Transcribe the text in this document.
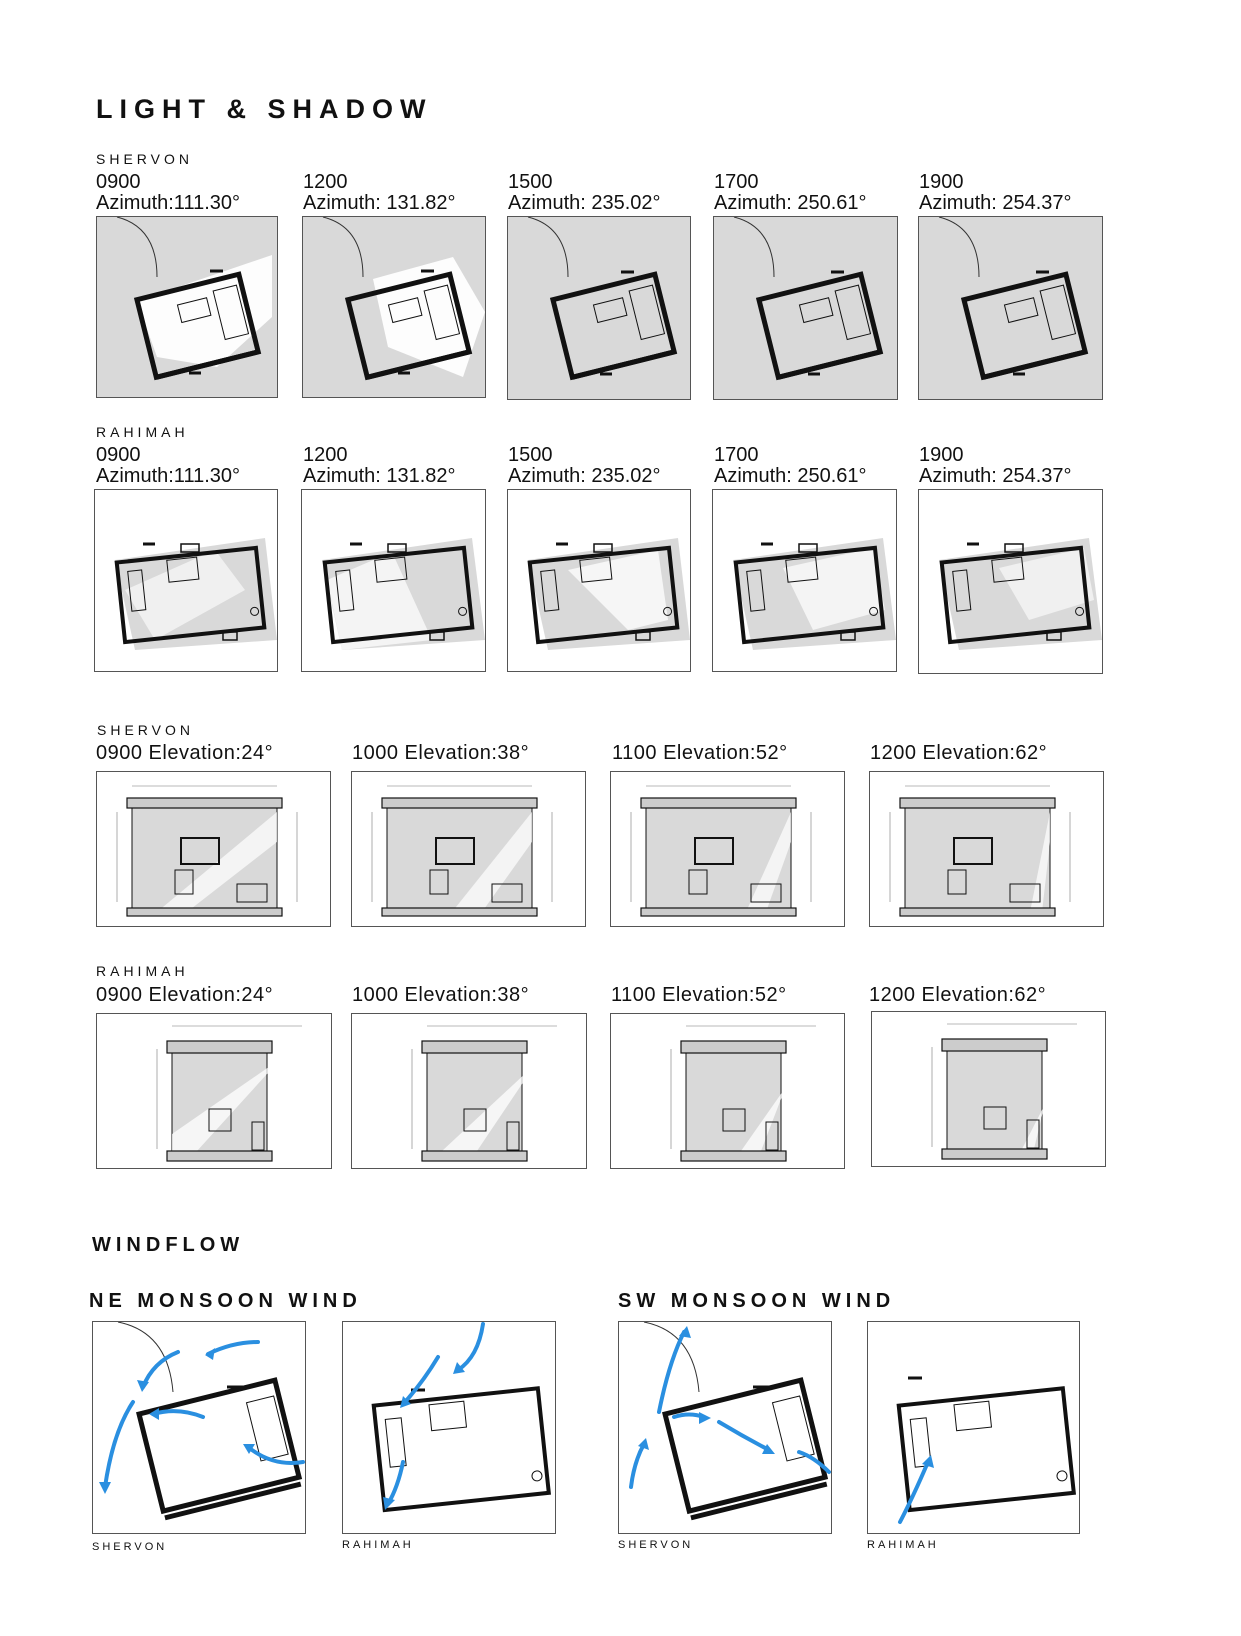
LIGHT & SHADOW
SHERVON
RAHIMAH
0900
Azimuth:111.30°
1200
Azimuth: 131.82°
1500
Azimuth: 235.02°
1700
Azimuth: 250.61°
1900
Azimuth: 254.37°
0900
Azimuth:111.30°
1200
Azimuth: 131.82°
1500
Azimuth: 235.02°
1700
Azimuth: 250.61°
1900
Azimuth: 254.37°
SHERVON
0900 Elevation:24°	1000 Elevation:38°	1100 Elevation:52°	1200 Elevation:62°
RAHIMAH
0900 Elevation:24°	1000 Elevation:38°	1100 Elevation:52°	1200 Elevation:62°
WINDFLOW
NE MONSOON WIND	SW MONSOON WIND
SHERVON	RAHIMAH	SHERVON	RAHIMAH
